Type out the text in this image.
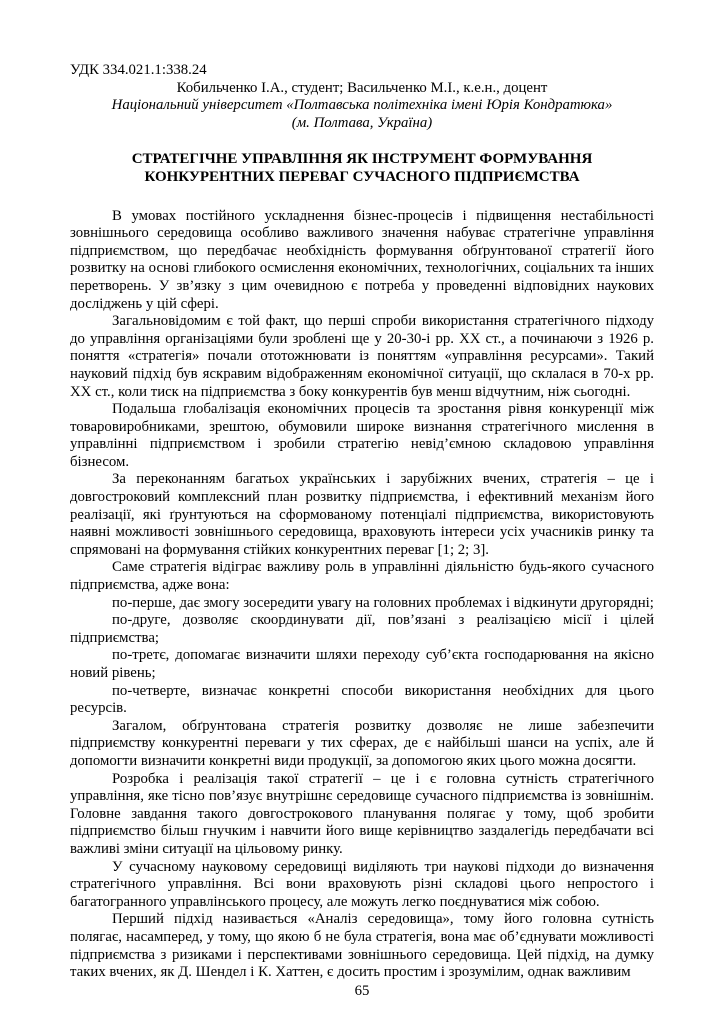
УДК 334.021.1:338.24
Кобильченко І.А., студент; Васильченко М.І., к.е.н., доцент
Національний університет «Полтавська політехніка імені Юрія Кондратюка»
(м. Полтава, Україна)
СТРАТЕГІЧНЕ УПРАВЛІННЯ ЯК ІНСТРУМЕНТ ФОРМУВАННЯ
КОНКУРЕНТНИХ ПЕРЕВАГ СУЧАСНОГО ПІДПРИЄМСТВА

В умовах постійного ускладнення бізнес-процесів і підвищення нестабільності зовнішнього середовища особливо важливого значення набуває стратегічне управління підприємством, що передбачає необхідність формування обґрунтованої стратегії його розвитку на основі глибокого осмислення економічних, технологічних, соціальних та інших перетворень. У зв’язку з цим очевидною є потреба у проведенні відповідних наукових досліджень у цій сфері.

Загальновідомим є той факт, що перші спроби використання стратегічного підходу до управління організаціями були зроблені ще у 20-30-і рр. ХХ ст., а починаючи з 1926 р. поняття «стратегія» почали ототожнювати із поняттям «управління ресурсами». Такий науковий підхід був яскравим відображенням економічної ситуації, що склалася в 70-х рр. ХХ ст., коли тиск на підприємства з боку конкурентів був менш відчутним, ніж сьогодні.

Подальша глобалізація економічних процесів та зростання рівня конкуренції між товаровиробниками, зрештою, обумовили широке визнання стратегічного мислення в управлінні підприємством і зробили стратегію невід’ємною складовою управління бізнесом.

За переконанням багатьох українських і зарубіжних вчених, стратегія – це і довгостроковий комплексний план розвитку підприємства, і ефективний механізм його реалізації, які ґрунтуються на сформованому потенціалі підприємства, використовують наявні можливості зовнішнього середовища, враховують інтереси усіх учасників ринку та спрямовані на формування стійких конкурентних переваг [1; 2; 3].

Саме стратегія відіграє важливу роль в управлінні діяльністю будь-якого сучасного підприємства, адже вона:

по-перше, дає змогу зосередити увагу на головних проблемах і відкинути другорядні;

по-друге, дозволяє скоординувати дії, пов’язані з реалізацією місії і цілей підприємства;

по-третє, допомагає визначити шляхи переходу суб’єкта господарювання на якісно новий рівень;

по-четверте, визначає конкретні способи використання необхідних для цього ресурсів.

Загалом, обґрунтована стратегія розвитку дозволяє не лише забезпечити підприємству конкурентні переваги у тих сферах, де є найбільші шанси на успіх, але й допомогти визначити конкретні види продукції, за допомогою яких цього можна досягти.

Розробка і реалізація такої стратегії – це і є головна сутність стратегічного управління, яке тісно пов’язує внутрішнє середовище сучасного підприємства із зовнішнім. Головне завдання такого довгострокового планування полягає у тому, щоб зробити підприємство більш гнучким і навчити його вище керівництво заздалегідь передбачати всі важливі зміни ситуації на цільовому ринку.

У сучасному науковому середовищі виділяють три наукові підходи до визначення стратегічного управління. Всі вони враховують різні складові цього непростого і багатогранного управлінського процесу, але можуть легко поєднуватися між собою.

Перший підхід називається «Аналіз середовища», тому його головна сутність полягає, насамперед, у тому, що якою б не була стратегія, вона має об’єднувати можливості підприємства з ризиками і перспективами зовнішнього середовища. Цей підхід, на думку таких вчених, як Д. Шендел і К. Хаттен, є досить простим і зрозумілим, однак важливим

65
